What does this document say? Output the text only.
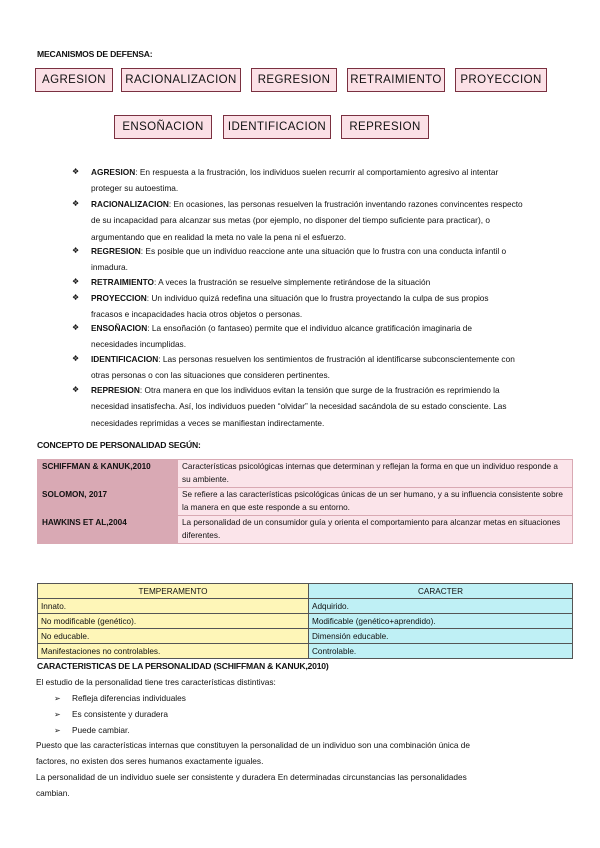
MECANISMOS DE DEFENSA:
AGRESION	RACIONALIZACION	REGRESION	RETRAIMIENTO	PROYECCION
ENSOÑACION	IDENTIFICACION	REPRESION
❖	AGRESION: En respuesta a la frustración, los individuos suelen recurrir al comportamiento agresivo al intentar
proteger su autoestima.
❖	RACIONALIZACION: En ocasiones, las personas resuelven la frustración inventando razones convincentes respecto
de su incapacidad para alcanzar sus metas (por ejemplo, no disponer del tiempo suficiente para practicar), o
argumentando que en realidad la meta no vale la pena ni el esfuerzo.
❖	REGRESION: Es posible que un individuo reaccione ante una situación que lo frustra con una conducta infantil o
inmadura.
❖	RETRAIMIENTO: A veces la frustración se resuelve simplemente retirándose de la situación
❖	PROYECCION: Un individuo quizá redefina una situación que lo frustra proyectando la culpa de sus propios
fracasos e incapacidades hacia otros objetos o personas.
❖	ENSOÑACION: La ensoñación (o fantaseo) permite que el individuo alcance gratificación imaginaria de
necesidades incumplidas.
❖	IDENTIFICACION: Las personas resuelven los sentimientos de frustración al identificarse subconscientemente con
otras personas o con las situaciones que consideren pertinentes.
❖	REPRESION: Otra manera en que los individuos evitan la tensión que surge de la frustración es reprimiendo la
necesidad insatisfecha. Así, los individuos pueden “olvidar” la necesidad sacándola de su estado consciente. Las
necesidades reprimidas a veces se manifiestan indirectamente.
CONCEPTO DE PERSONALIDAD SEGÚN:
SCHIFFMAN & KANUK,2010	Características psicológicas internas que determinan y reflejan la forma en que un individuo responde a su ambiente.
SOLOMON, 2017	Se refiere a las características psicológicas únicas de un ser humano, y a su influencia consistente sobre la manera en que este responde a su entorno.
HAWKINS ET AL,2004	La personalidad de un consumidor guía y orienta el comportamiento para alcanzar metas en situaciones diferentes.
TEMPERAMENTO	CARACTER
Innato.	Adquirido.
No modificable (genético).	Modificable (genético+aprendido).
No educable.	Dimensión educable.
Manifestaciones no controlables.	Controlable.
CARACTERISTICAS DE LA PERSONALIDAD (SCHIFFMAN & KANUK,2010)
El estudio de la personalidad tiene tres características distintivas:
➢ Refleja diferencias individuales
➢ Es consistente y duradera
➢ Puede cambiar.
Puesto que las características internas que constituyen la personalidad de un individuo son una combinación única de
factores, no existen dos seres humanos exactamente iguales.
La personalidad de un individuo suele ser consistente y duradera En determinadas circunstancias las personalidades
cambian.
